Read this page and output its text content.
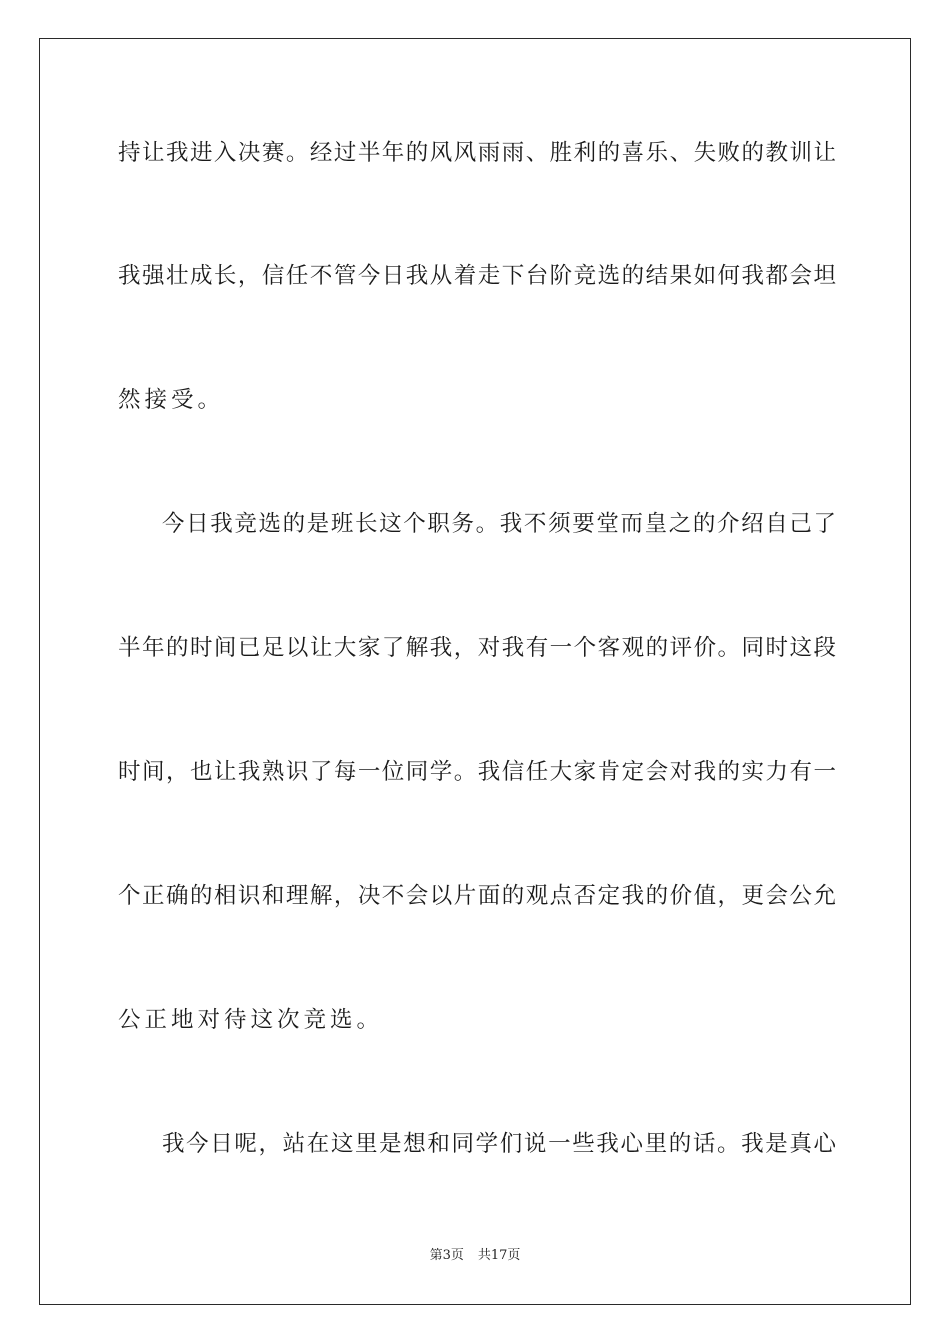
持让我进入决赛。经过半年的风风雨雨、胜利的喜乐、失败的教训让
我强壮成长，信任不管今日我从着走下台阶竞选的结果如何我都会坦
然接受。
今日我竞选的是班长这个职务。我不须要堂而皇之的介绍自己了
半年的时间已足以让大家了解我，对我有一个客观的评价。同时这段
时间，也让我熟识了每一位同学。我信任大家肯定会对我的实力有一
个正确的相识和理解，决不会以片面的观点否定我的价值，更会公允
公正地对待这次竞选。
我今日呢，站在这里是想和同学们说一些我心里的话。我是真心
第3页 共17页
